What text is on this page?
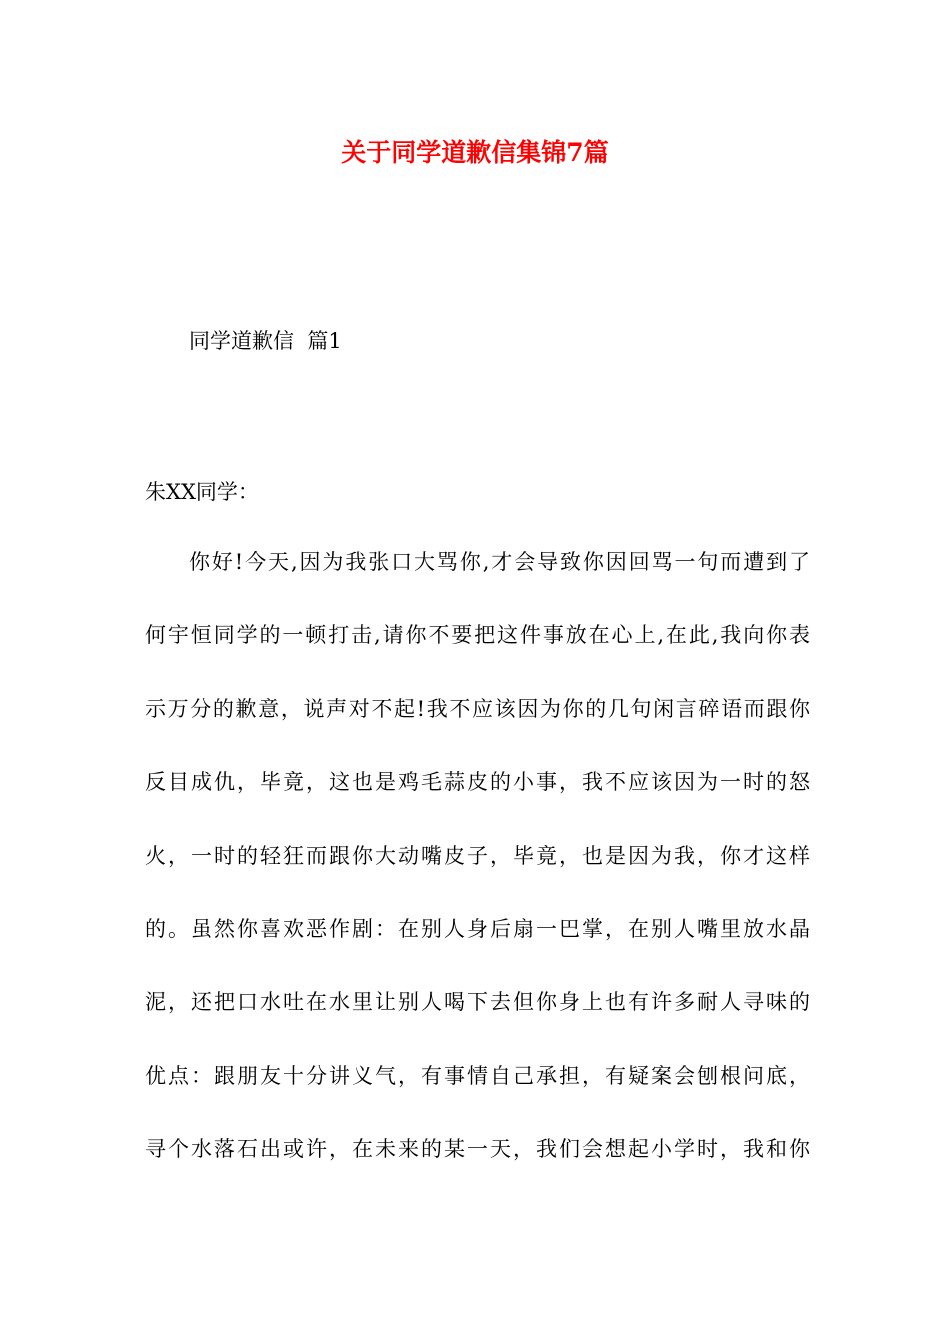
关于同学道歉信集锦7篇
同学道歉信  篇1
朱XX同学：
你好!今天,因为我张口大骂你,才会导致你因回骂一句而遭到了
何宇恒同学的一顿打击,请你不要把这件事放在心上,在此,我向你表
示万分的歉意，说声对不起!我不应该因为你的几句闲言碎语而跟你
反目成仇，毕竟，这也是鸡毛蒜皮的小事，我不应该因为一时的怒
火，一时的轻狂而跟你大动嘴皮子，毕竟，也是因为我，你才这样
的。虽然你喜欢恶作剧：在别人身后扇一巴掌，在别人嘴里放水晶
泥，还把口水吐在水里让别人喝下去但你身上也有许多耐人寻味的
优点：跟朋友十分讲义气，有事情自己承担，有疑案会刨根问底，
寻个水落石出或许，在未来的某一天，我们会想起小学时，我和你
